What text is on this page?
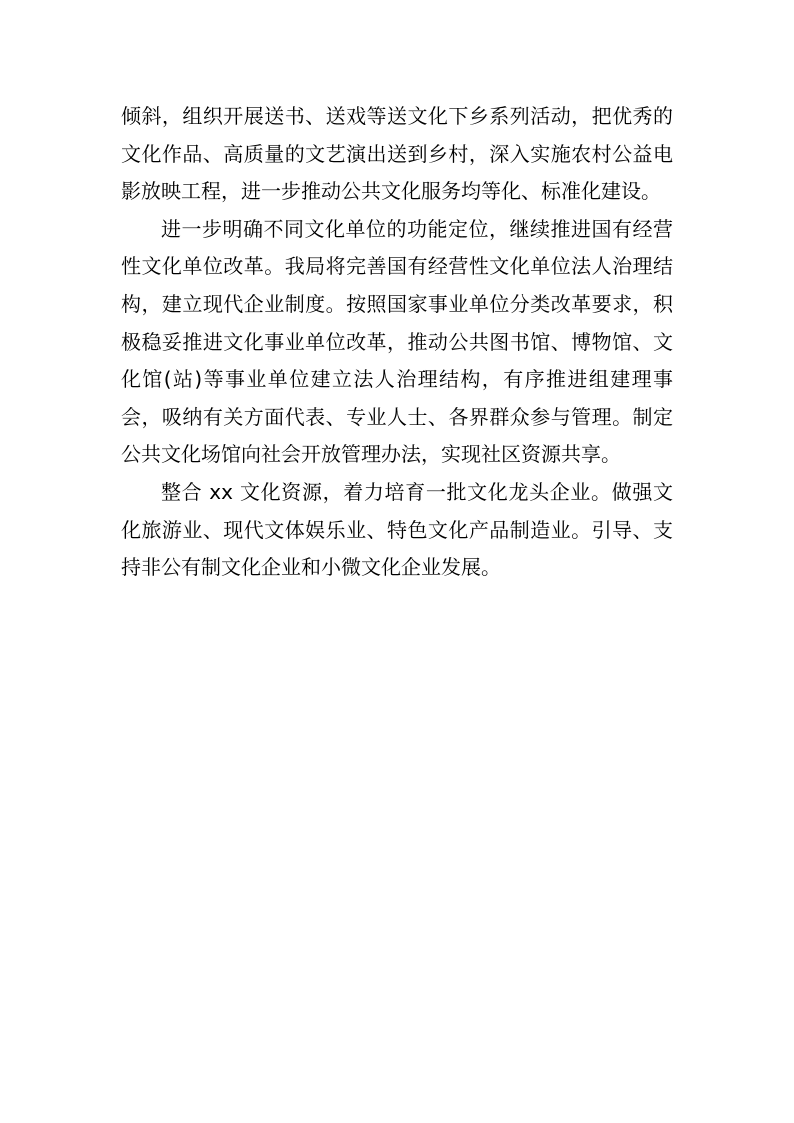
倾斜，组织开展送书、送戏等送文化下乡系列活动，把优秀的文化作品、高质量的文艺演出送到乡村，深入实施农村公益电影放映工程，进一步推动公共文化服务均等化、标准化建设。

进一步明确不同文化单位的功能定位，继续推进国有经营性文化单位改革。我局将完善国有经营性文化单位法人治理结构，建立现代企业制度。按照国家事业单位分类改革要求，积极稳妥推进文化事业单位改革，推动公共图书馆、博物馆、文化馆(站)等事业单位建立法人治理结构，有序推进组建理事会，吸纳有关方面代表、专业人士、各界群众参与管理。制定公共文化场馆向社会开放管理办法，实现社区资源共享。

整合 xx 文化资源，着力培育一批文化龙头企业。做强文化旅游业、现代文体娱乐业、特色文化产品制造业。引导、支持非公有制文化企业和小微文化企业发展。
